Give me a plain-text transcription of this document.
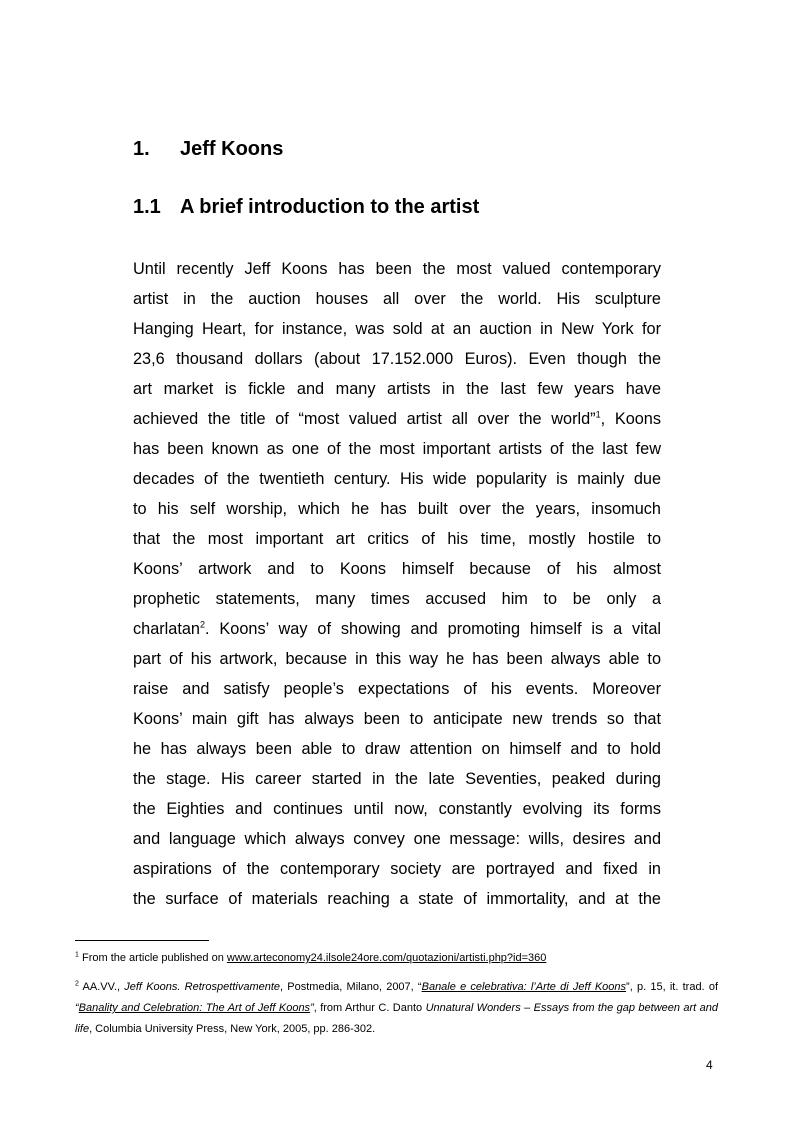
1. Jeff Koons
1.1 A brief introduction to the artist
Until recently Jeff Koons has been the most valued contemporary
artist in the auction houses all over the world. His sculpture
Hanging Heart, for instance, was sold at an auction in New York for
23,6 thousand dollars (about 17.152.000 Euros). Even though the
art market is fickle and many artists in the last few years have
achieved the title of “most valued artist all over the world”$^1$, Koons
has been known as one of the most important artists of the last few
decades of the twentieth century. His wide popularity is mainly due
to his self worship, which he has built over the years, insomuch
that the most important art critics of his time, mostly hostile to
Koons’ artwork and to Koons himself because of his almost
prophetic statements, many times accused him to be only a
charlatan$^2$. Koons’ way of showing and promoting himself is a vital
part of his artwork, because in this way he has been always able to
raise and satisfy people’s expectations of his events. Moreover
Koons’ main gift has always been to anticipate new trends so that
he has always been able to draw attention on himself and to hold
the stage. His career started in the late Seventies, peaked during
the Eighties and continues until now, constantly evolving its forms
and language which always convey one message: wills, desires and
aspirations of the contemporary society are portrayed and fixed in
the surface of materials reaching a state of immortality, and at the

$^1$ From the article published on www.arteconomy24.ilsole24ore.com/quotazioni/artisti.php?id=360

$^2$ AA.VV., Jeff Koons. Retrospettivamente, Postmedia, Milano, 2007, “Banale e celebrativa: l’Arte di Jeff Koons”, p. 15, it. trad. of “Banality and Celebration: The Art of Jeff Koons”, from Arthur C. Danto Unnatural Wonders – Essays from the gap between art and life, Columbia University Press, New York, 2005, pp. 286-302.

4
